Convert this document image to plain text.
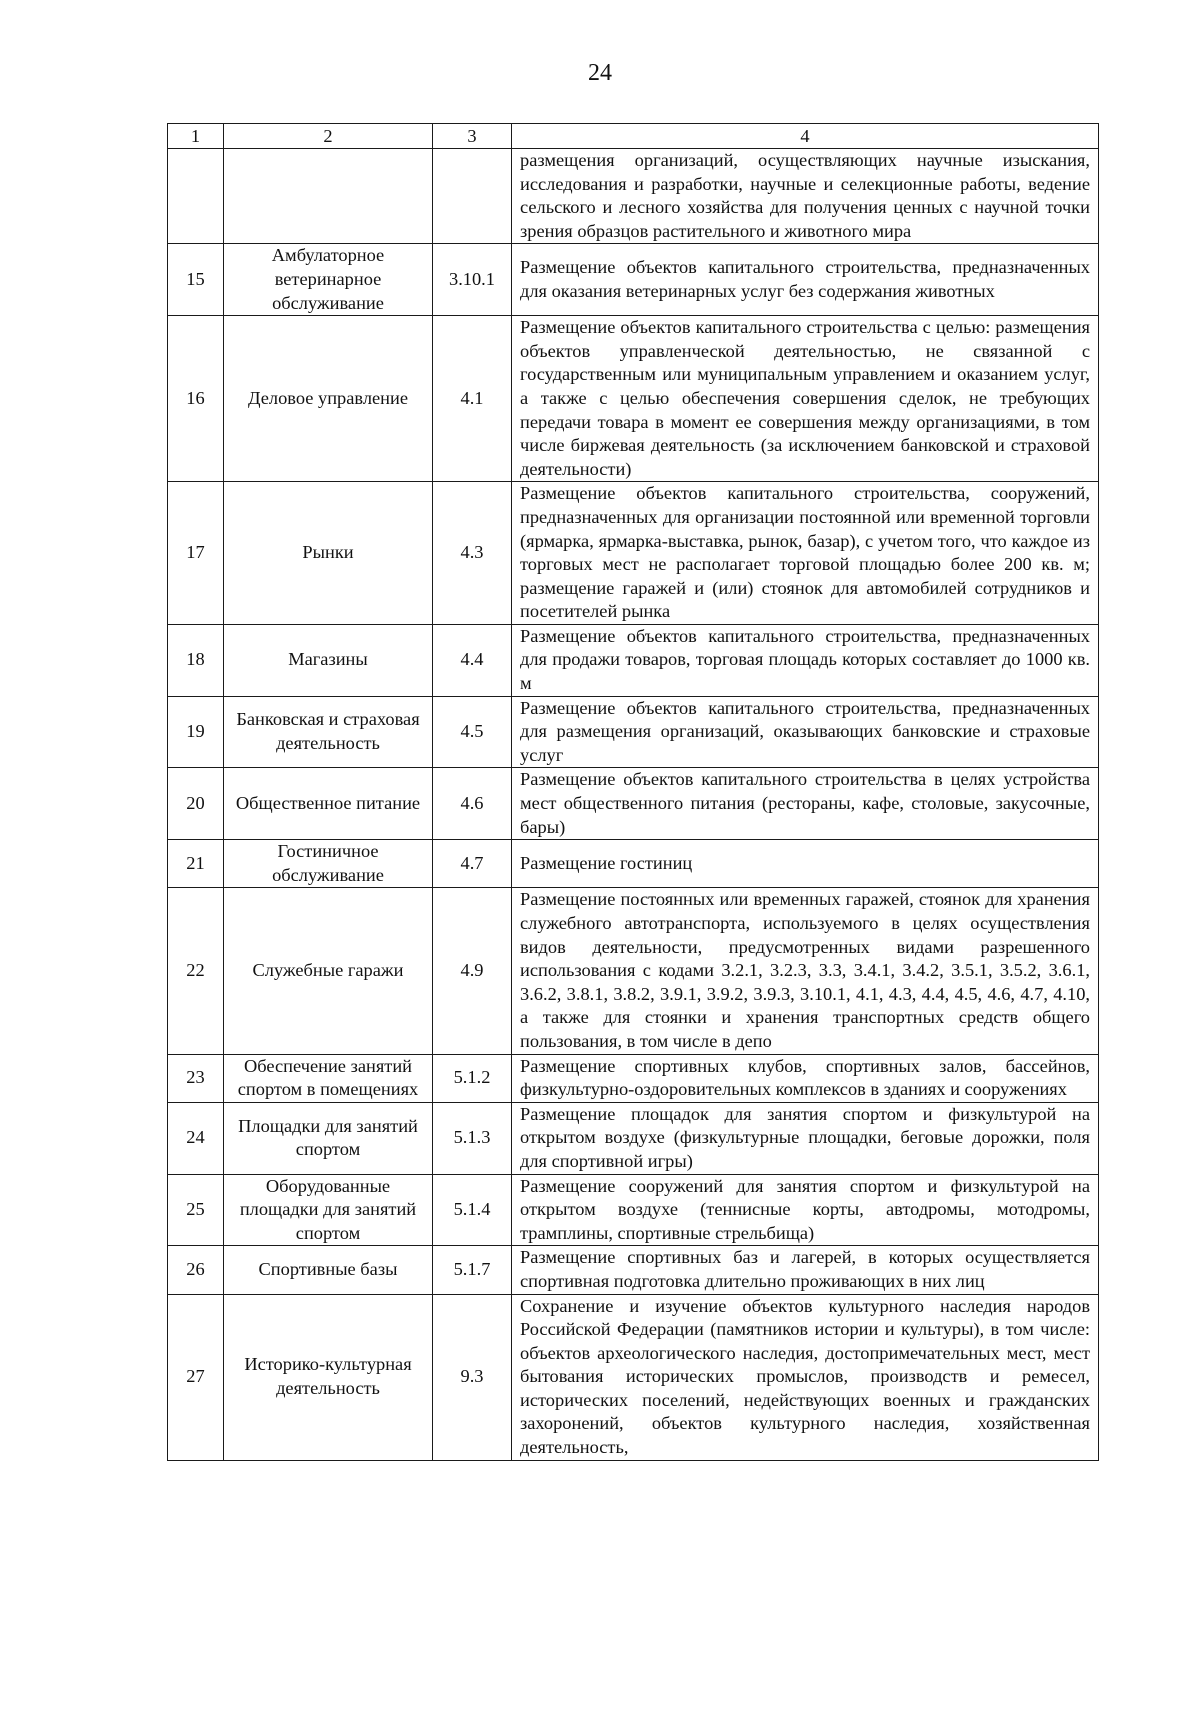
24
1	2	3	4
			размещения организаций, осуществляющих научные изыскания, исследования и разработки, научные и селекционные работы, ведение сельского и лесного хозяйства для получения ценных с научной точки зрения образцов растительного и животного мира
15	Амбулаторное ветеринарное обслуживание	3.10.1	Размещение объектов капитального строительства, предназначенных для оказания ветеринарных услуг без содержания животных
16	Деловое управление	4.1	Размещение объектов капитального строительства с целью: размещения объектов управленческой деятельностью, не связанной с государственным или муниципальным управлением и оказанием услуг, а также с целью обеспечения совершения сделок, не требующих передачи товара в момент ее совершения между организациями, в том числе биржевая деятельность (за исключением банковской и страховой деятельности)
17	Рынки	4.3	Размещение объектов капитального строительства, сооружений, предназначенных для организации постоянной или временной торговли (ярмарка, ярмарка-выставка, рынок, базар), с учетом того, что каждое из торговых мест не располагает торговой площадью более 200 кв. м; размещение гаражей и (или) стоянок для автомобилей сотрудников и посетителей рынка
18	Магазины	4.4	Размещение объектов капитального строительства, предназначенных для продажи товаров, торговая площадь которых составляет до 1000 кв. м
19	Банковская и страховая деятельность	4.5	Размещение объектов капитального строительства, предназначенных для размещения организаций, оказывающих банковские и страховые услуг
20	Общественное питание	4.6	Размещение объектов капитального строительства в целях устройства мест общественного питания (рестораны, кафе, столовые, закусочные, бары)
21	Гостиничное обслуживание	4.7	Размещение гостиниц
22	Служебные гаражи	4.9	Размещение постоянных или временных гаражей, стоянок для хранения служебного автотранспорта, используемого в целях осуществления видов деятельности, предусмотренных видами разрешенного использования с кодами 3.2.1, 3.2.3, 3.3, 3.4.1, 3.4.2, 3.5.1, 3.5.2, 3.6.1, 3.6.2, 3.8.1, 3.8.2, 3.9.1, 3.9.2, 3.9.3, 3.10.1, 4.1, 4.3, 4.4, 4.5, 4.6, 4.7, 4.10, а также для стоянки и хранения транспортных средств общего пользования, в том числе в депо
23	Обеспечение занятий спортом в помещениях	5.1.2	Размещение спортивных клубов, спортивных залов, бассейнов, физкультурно-оздоровительных комплексов в зданиях и сооружениях
24	Площадки для занятий спортом	5.1.3	Размещение площадок для занятия спортом и физкультурой на открытом воздухе (физкультурные площадки, беговые дорожки, поля для спортивной игры)
25	Оборудованные площадки для занятий спортом	5.1.4	Размещение сооружений для занятия спортом и физкультурой на открытом воздухе (теннисные корты, автодромы, мотодромы, трамплины, спортивные стрельбища)
26	Спортивные базы	5.1.7	Размещение спортивных баз и лагерей, в которых осуществляется спортивная подготовка длительно проживающих в них лиц
27	Историко-культурная деятельность	9.3	Сохранение и изучение объектов культурного наследия народов Российской Федерации (памятников истории и культуры), в том числе: объектов археологического наследия, достопримечательных мест, мест бытования исторических промыслов, производств и ремесел, исторических поселений, недействующих военных и гражданских захоронений, объектов культурного наследия, хозяйственная деятельность,
